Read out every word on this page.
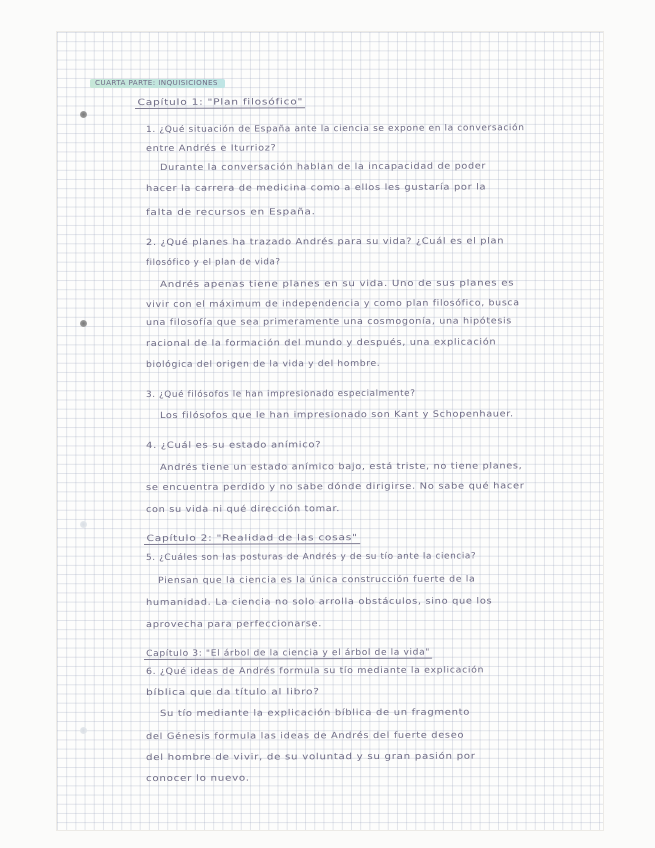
CUARTA PARTE: INQUISICIONES
Capítulo 1: "Plan filosófico"
1. ¿Qué situación de España ante la ciencia se expone en la conversación
entre Andrés e Iturrioz?
Durante la conversación hablan de la incapacidad de poder
hacer la carrera de medicina como a ellos les gustaría por la
falta de recursos en España.
2. ¿Qué planes ha trazado Andrés para su vida? ¿Cuál es el plan
filosófico y el plan de vida?
Andrés apenas tiene planes en su vida. Uno de sus planes es
vivir con el máximum de independencia y como plan filosófico, busca
una filosofía que sea primeramente una cosmogonía, una hipótesis
racional de la formación del mundo y después, una explicación
biológica del origen de la vida y del hombre.
3. ¿Qué filósofos le han impresionado especialmente?
Los filósofos que le han impresionado son Kant y Schopenhauer.
4. ¿Cuál es su estado anímico?
Andrés tiene un estado anímico bajo, está triste, no tiene planes,
se encuentra perdido y no sabe dónde dirigirse. No sabe qué hacer
con su vida ni qué dirección tomar.
Capítulo 2: "Realidad de las cosas"
5. ¿Cuáles son las posturas de Andrés y de su tío ante la ciencia?
Piensan que la ciencia es la única construcción fuerte de la
humanidad. La ciencia no solo arrolla obstáculos, sino que los
aprovecha para perfeccionarse.
Capítulo 3: "El árbol de la ciencia y el árbol de la vida"
6. ¿Qué ideas de Andrés formula su tío mediante la explicación
bíblica que da título al libro?
Su tío mediante la explicación bíblica de un fragmento
del Génesis formula las ideas de Andrés del fuerte deseo
del hombre de vivir, de su voluntad y su gran pasión por
conocer lo nuevo.
